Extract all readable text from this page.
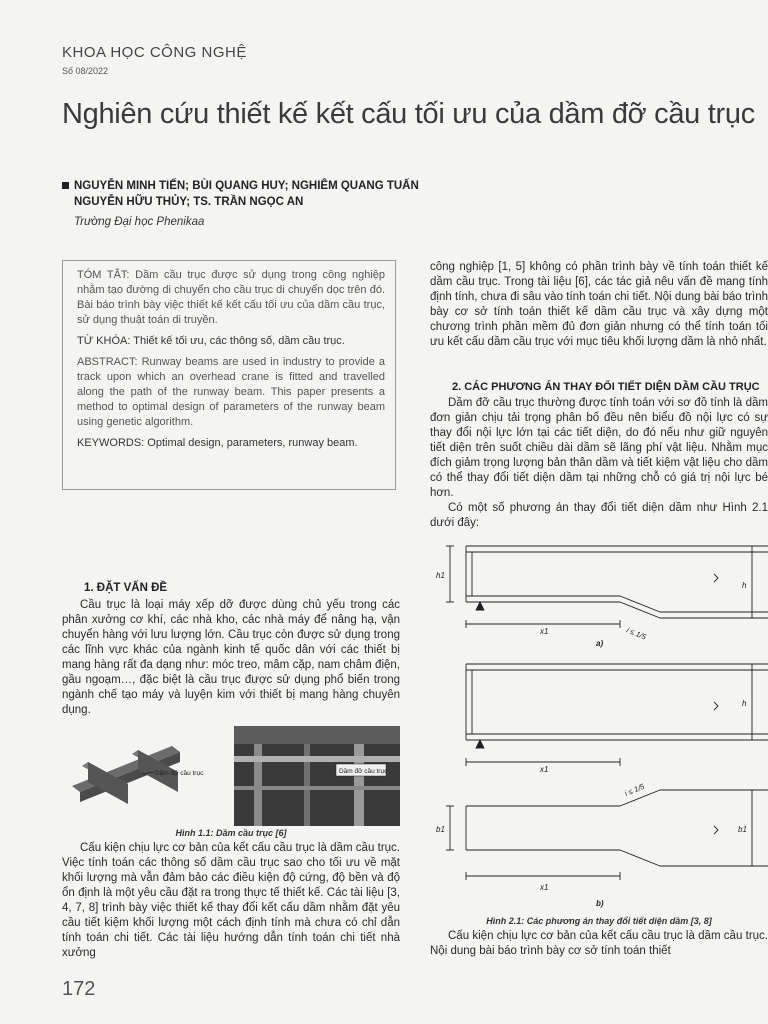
KHOA HỌC CÔNG NGHỆ
Số 08/2022
Nghiên cứu thiết kế kết cấu tối ưu của dầm đỡ cầu trục
NGUYỄN MINH TIẾN; BÙI QUANG HUY; NGHIÊM QUANG TUẤN
NGUYỄN HỮU THỦY; TS. TRẦN NGỌC AN
Trường Đại học Phenikaa

TÓM TẮT: Dầm cầu trục được sử dụng trong công nghiệp nhằm tạo đường di chuyển cho cầu trục di chuyển dọc trên đó. Bài báo trình bày việc thiết kế kết cấu tối ưu của dầm cầu trục, sử dụng thuật toán di truyền.

TỪ KHÓA: Thiết kế tối ưu, các thông số, dầm cầu trục.

ABSTRACT: Runway beams are used in industry to provide a track upon which an overhead crane is fitted and travelled along the path of the runway beam. This paper presents a method to optimal design of parameters of the runway beam using genetic algorithm.

KEYWORDS: Optimal design, parameters, runway beam.

1. ĐẶT VẤN ĐỀ

Cầu trục là loại máy xếp dỡ được dùng chủ yếu trong các phân xưởng cơ khí, các nhà kho, các nhà máy để nâng hạ, vận chuyển hàng với lưu lượng lớn. Cầu trục còn được sử dụng trong các lĩnh vực khác của ngành kinh tế quốc dân với các thiết bị mang hàng rất đa dạng như: móc treo, mâm cặp, nam châm điện, gầu ngoạm…, đặc biệt là cầu trục được sử dụng phổ biến trong ngành chế tạo máy và luyện kim với thiết bị mang hàng chuyên dụng.

Dầm đỡ cầu trục	Dầm đỡ cầu trục
Hình 1.1: Dầm cầu trục [6]

Cấu kiện chịu lực cơ bản của kết cấu cầu trục là dầm cầu trục. Việc tính toán các thông số dầm cầu trục sao cho tối ưu về mặt khối lượng mà vẫn đảm bảo các điều kiện độ cứng, độ bền và độ ổn định là một yêu cầu đặt ra trong thực tế thiết kế. Các tài liệu [3, 4, 7, 8] trình bày việc thiết kế thay đổi kết cấu dầm nhằm đặt yêu cầu tiết kiệm khối lượng một cách định tính mà chưa có chỉ dẫn tính toán chi tiết. Các tài liệu hướng dẫn tính toán chi tiết nhà xưởng

công nghiệp [1, 5] không có phần trình bày về tính toán thiết kế dầm cầu trục. Trong tài liệu [6], các tác giả nêu vấn đề mang tính định tính, chưa đi sâu vào tính toán chi tiết. Nội dung bài báo trình bày cơ sở tính toán thiết kế dầm cầu trục và xây dựng một chương trình phần mềm đủ đơn giản nhưng có thể tính toán tối ưu kết cấu dầm cầu trục với mục tiêu khối lượng dầm là nhỏ nhất.

2. CÁC PHƯƠNG ÁN THAY ĐỔI TIẾT DIỆN DẦM CẦU TRỤC

Dầm đỡ cầu trục thường được tính toán với sơ đồ tính là dầm đơn giản chịu tải trọng phân bố đều nên biểu đồ nội lực có sự thay đổi nội lực lớn tại các tiết diện, do đó nếu như giữ nguyên tiết diện trên suốt chiều dài dầm sẽ lãng phí vật liệu. Nhằm mục đích giảm trọng lượng bản thân dầm và tiết kiệm vật liệu cho dầm có thể thay đổi tiết diện dầm tại những chỗ có giá trị nội lực bé hơn.

Có một số phương án thay đổi tiết diện dầm như Hình 2.1 dưới đây:

h1
h
x1	i ≤ 1/5
a)
h
x1
i ≤ 1/5
b1	b1
x1
b)
Hình 2.1: Các phương án thay đổi tiết diện dầm [3, 8]

Cấu kiện chịu lực cơ bản của kết cấu cầu trục là dầm cầu trục. Nội dung bài báo trình bày cơ sở tính toán thiết

172
